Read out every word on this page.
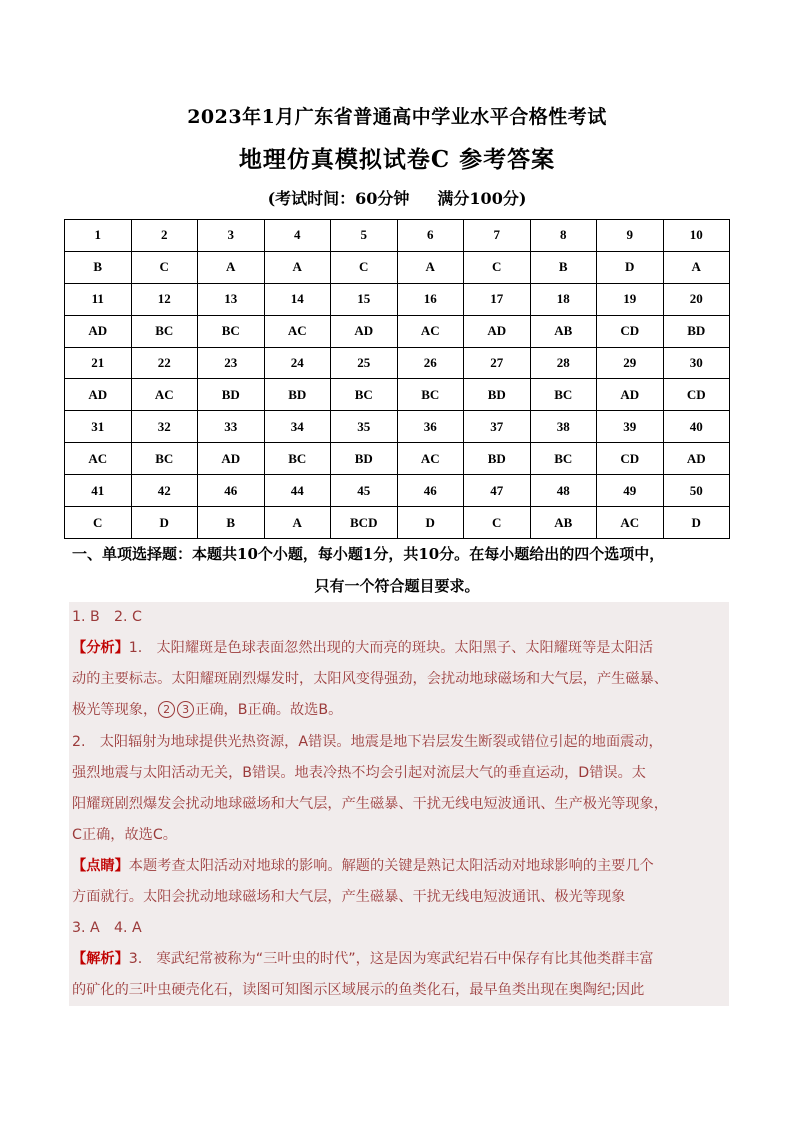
2023年1月广东省普通高中学业水平合格性考试
地理仿真模拟试卷C 参考答案
(考试时间：60分钟 满分100分)
1	2	3	4	5	6	7	8	9	10
B	C	A	A	C	A	C	B	D	A
11	12	13	14	15	16	17	18	19	20
AD	BC	BC	AC	AD	AC	AD	AB	CD	BD
21	22	23	24	25	26	27	28	29	30
AD	AC	BD	BD	BC	BC	BD	BC	AD	CD
31	32	33	34	35	36	37	38	39	40
AC	BC	AD	BC	BD	AC	BD	BC	CD	AD
41	42	46	44	45	46	47	48	49	50
C	D	B	A	BCD	D	C	AB	AC	D
一、单项选择题：本题共10个小题，每小题1分，共10分。在每小题给出的四个选项中，
只有一个符合题目要求。
1. B　2. C
【分析】1.　太阳耀斑是色球表面忽然出现的大而亮的斑块。太阳黑子、太阳耀斑等是太阳活
动的主要标志。太阳耀斑剧烈爆发时，太阳风变得强劲，会扰动地球磁场和大气层，产生磁暴、
极光等现象， 2 3 正确，B正确。故选B。
2.　太阳辐射为地球提供光热资源，A错误。地震是地下岩层发生断裂或错位引起的地面震动，
强烈地震与太阳活动无关，B错误。地表冷热不均会引起对流层大气的垂直运动，D错误。太
阳耀斑剧烈爆发会扰动地球磁场和大气层，产生磁暴、干扰无线电短波通讯、生产极光等现象，
C正确，故选C。
【点睛】本题考查太阳活动对地球的影响。解题的关键是熟记太阳活动对地球影响的主要几个
方面就行。太阳会扰动地球磁场和大气层，产生磁暴、干扰无线电短波通讯、极光等现象
3. A　4. A
【解析】3.　寒武纪常被称为“三叶虫的时代”，这是因为寒武纪岩石中保存有比其他类群丰富
的矿化的三叶虫硬壳化石，读图可知图示区域展示的鱼类化石，最早鱼类出现在奥陶纪;因此
